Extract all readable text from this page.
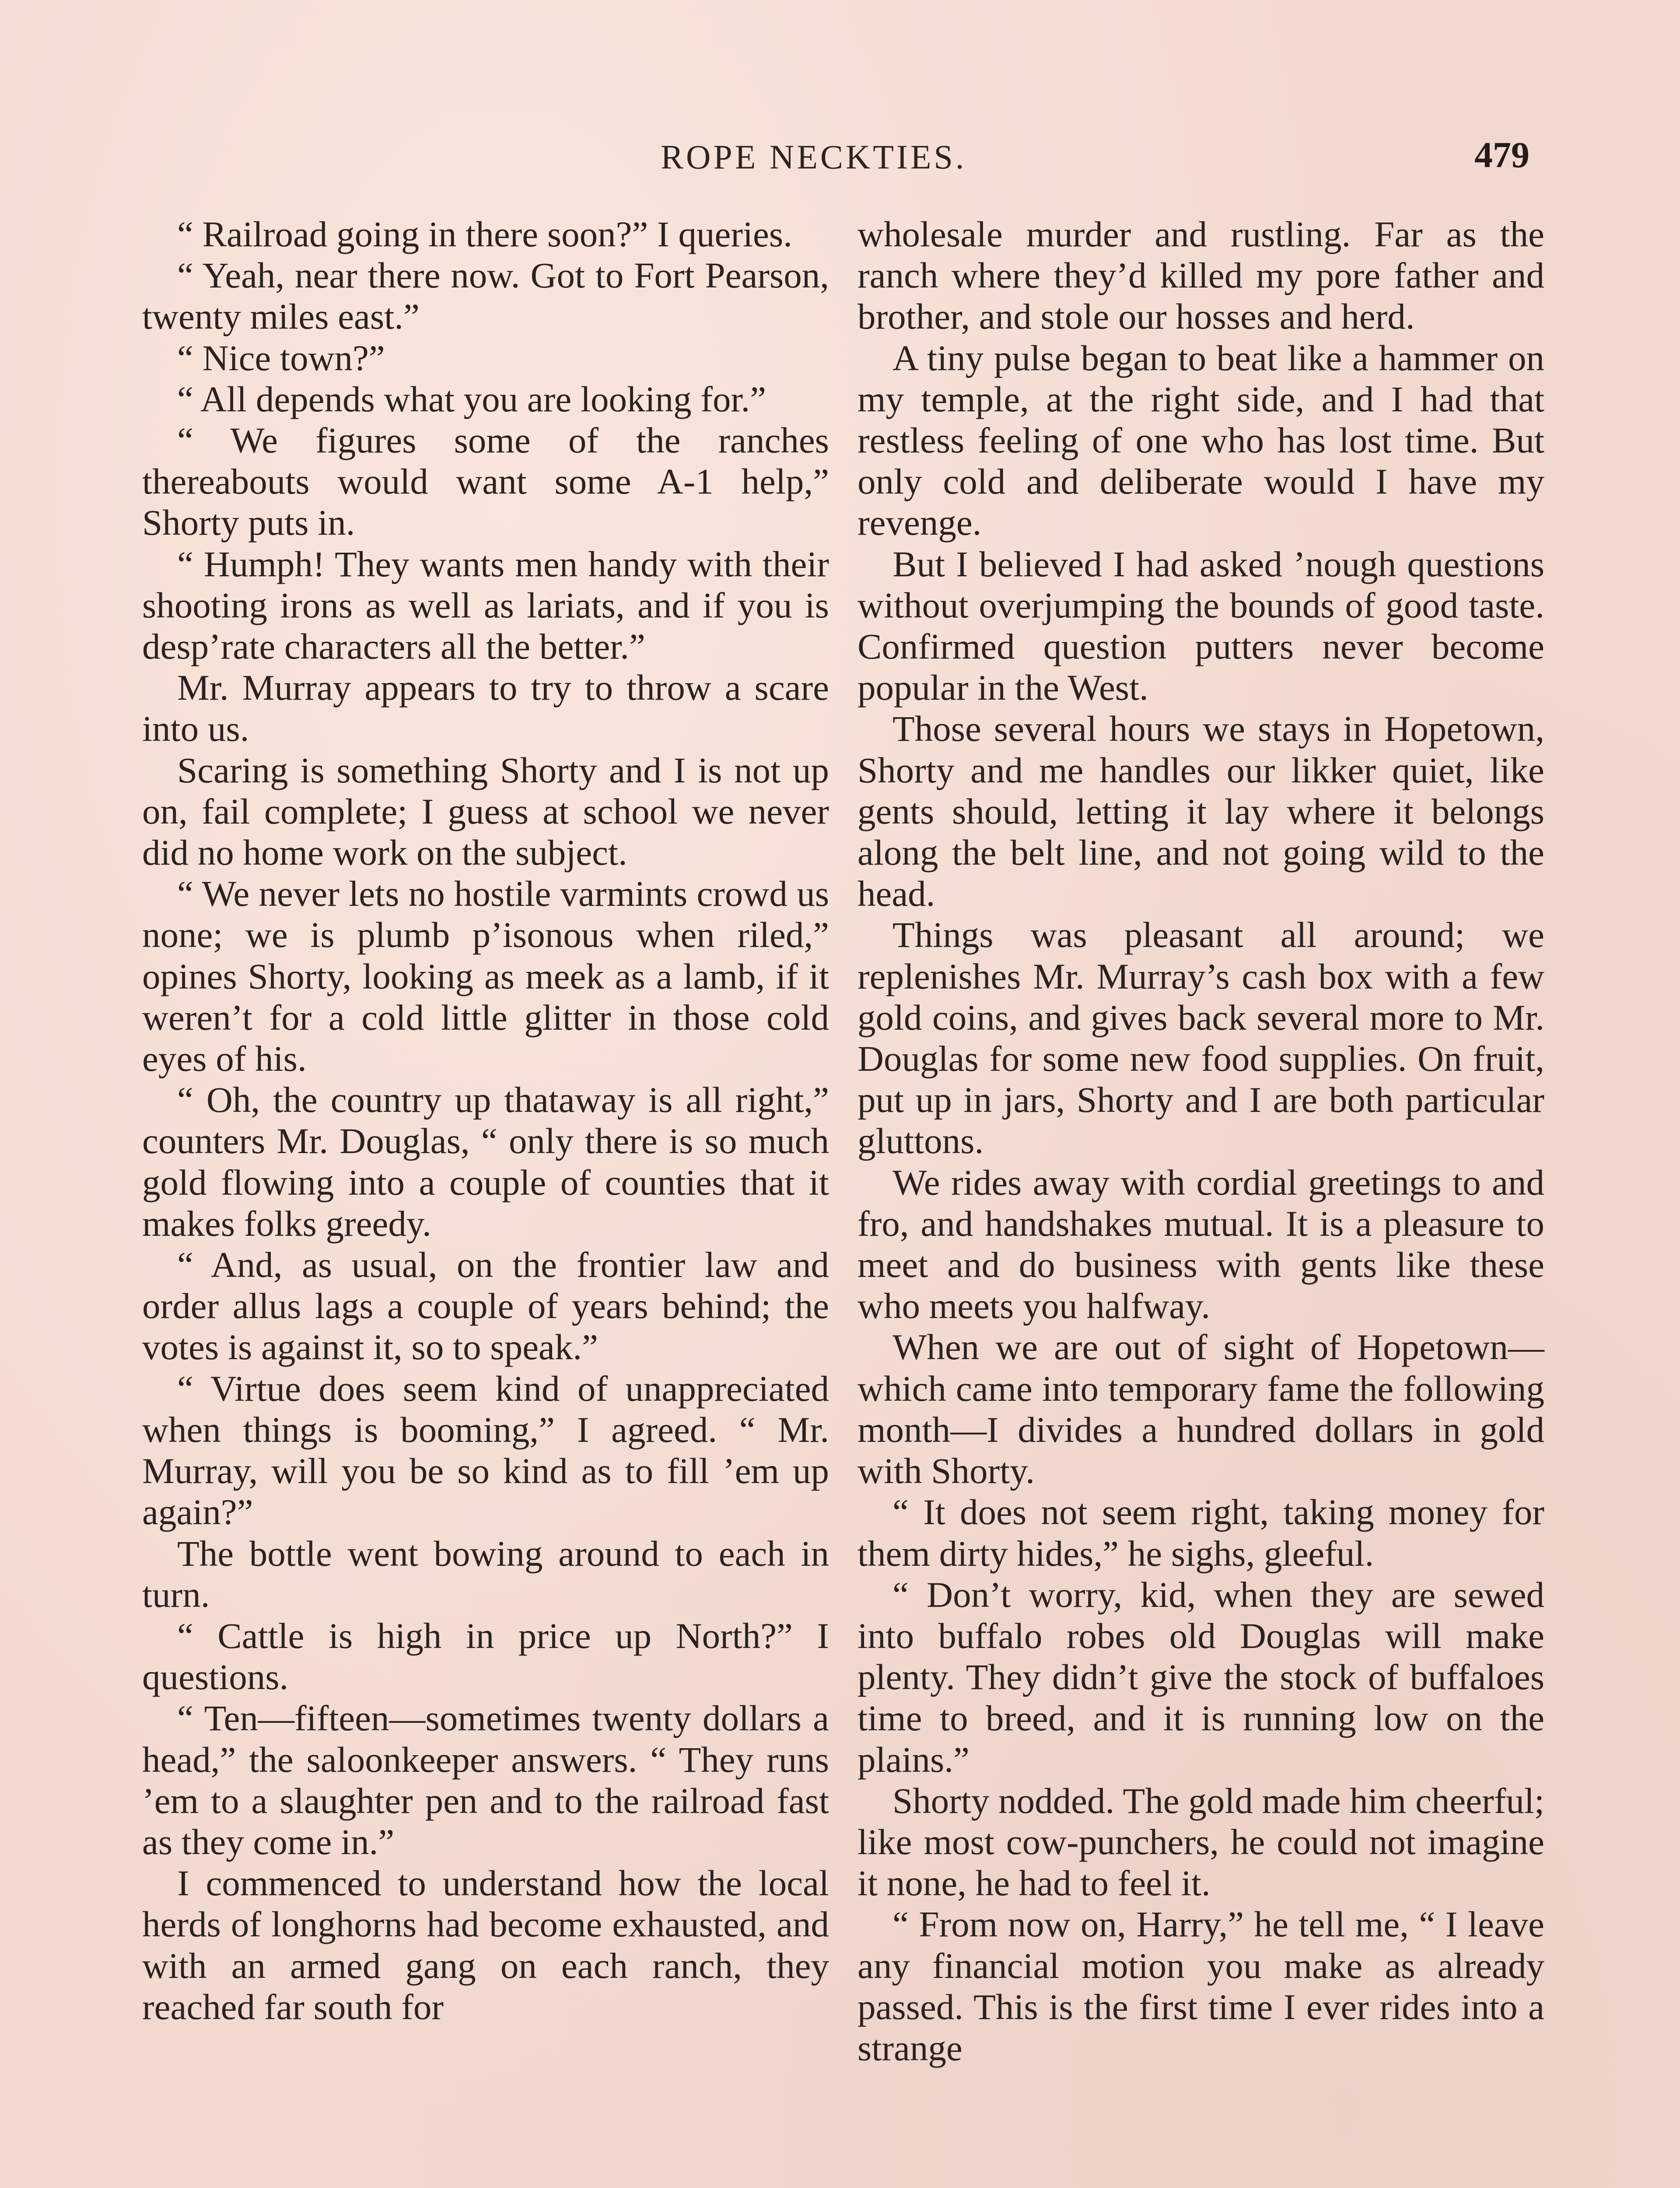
ROPE NECKTIES.	479

“ Railroad going in there soon?” I queries.

“ Yeah, near there now. Got to Fort Pearson, twenty miles east.”

“ Nice town?”

“ All depends what you are looking for.”

“ We figures some of the ranches thereabouts would want some A-1 help,” Shorty puts in.

“ Humph! They wants men handy with their shooting irons as well as lariats, and if you is desp’rate characters all the better.”

Mr. Murray appears to try to throw a scare into us.

Scaring is something Shorty and I is not up on, fail complete; I guess at school we never did no home work on the subject.

“ We never lets no hostile varmints crowd us none; we is plumb p’isonous when riled,” opines Shorty, looking as meek as a lamb, if it weren’t for a cold little glitter in those cold eyes of his.

“ Oh, the country up thataway is all right,” counters Mr. Douglas, “ only there is so much gold flowing into a couple of counties that it makes folks greedy.

“ And, as usual, on the frontier law and order allus lags a couple of years behind; the votes is against it, so to speak.”

“ Virtue does seem kind of unappreciated when things is booming,” I agreed. “ Mr. Murray, will you be so kind as to fill ’em up again?”

The bottle went bowing around to each in turn.

“ Cattle is high in price up North?” I questions.

“ Ten—fifteen—sometimes twenty dollars a head,” the saloonkeeper answers. “ They runs ’em to a slaughter pen and to the railroad fast as they come in.”

I commenced to understand how the local herds of longhorns had become exhausted, and with an armed gang on each ranch, they reached far south for

wholesale murder and rustling. Far as the ranch where they’d killed my pore father and brother, and stole our hosses and herd.

A tiny pulse began to beat like a hammer on my temple, at the right side, and I had that restless feeling of one who has lost time. But only cold and deliberate would I have my revenge.

But I believed I had asked ’nough questions without overjumping the bounds of good taste. Confirmed question putters never become popular in the West.

Those several hours we stays in Hopetown, Shorty and me handles our likker quiet, like gents should, letting it lay where it belongs along the belt line, and not going wild to the head.

Things was pleasant all around; we replenishes Mr. Murray’s cash box with a few gold coins, and gives back several more to Mr. Douglas for some new food supplies. On fruit, put up in jars, Shorty and I are both particular gluttons.

We rides away with cordial greetings to and fro, and handshakes mutual. It is a pleasure to meet and do business with gents like these who meets you halfway.

When we are out of sight of Hopetown—which came into temporary fame the following month—I divides a hundred dollars in gold with Shorty.

“ It does not seem right, taking money for them dirty hides,” he sighs, gleeful.

“ Don’t worry, kid, when they are sewed into buffalo robes old Douglas will make plenty. They didn’t give the stock of buffaloes time to breed, and it is running low on the plains.”

Shorty nodded. The gold made him cheerful; like most cow-punchers, he could not imagine it none, he had to feel it.

“ From now on, Harry,” he tell me, “ I leave any financial motion you make as already passed. This is the first time I ever rides into a strange
